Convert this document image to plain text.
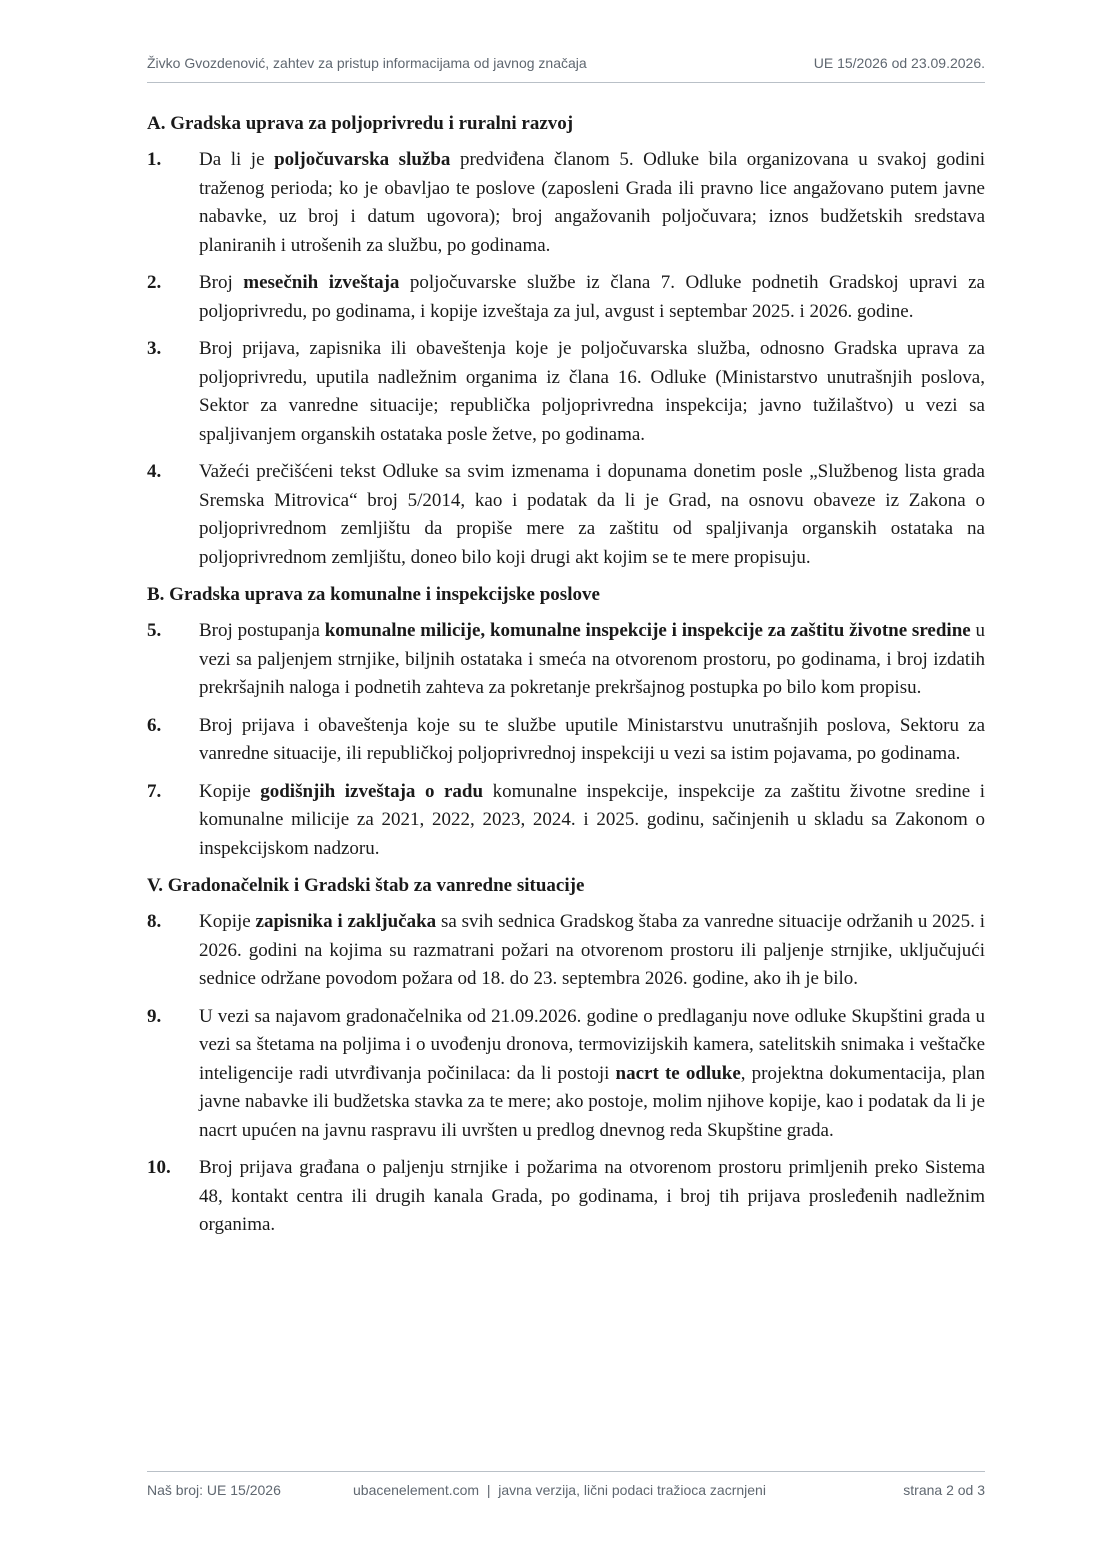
Živko Gvozdenović, zahtev za pristup informacijama od javnog značaja	UE 15/2026 od 23.09.2026.
A. Gradska uprava za poljoprivredu i ruralni razvoj
1. Da li je poljočuvarska služba predviđena članom 5. Odluke bila organizovana u svakoj godini traženog perioda; ko je obavljao te poslove (zaposleni Grada ili pravno lice angažovano putem javne nabavke, uz broj i datum ugovora); broj angažovanih poljočuvara; iznos budžetskih sredstava planiranih i utrošenih za službu, po godinama.
2. Broj mesečnih izveštaja poljočuvarske službe iz člana 7. Odluke podnetih Gradskoj upravi za poljoprivredu, po godinama, i kopije izveštaja za jul, avgust i septembar 2025. i 2026. godine.
3. Broj prijava, zapisnika ili obaveštenja koje je poljočuvarska služba, odnosno Gradska uprava za poljoprivredu, uputila nadležnim organima iz člana 16. Odluke (Ministarstvo unutrašnjih poslova, Sektor za vanredne situacije; republička poljoprivredna inspekcija; javno tužilaštvo) u vezi sa spaljivanjem organskih ostataka posle žetve, po godinama.
4. Važeći prečišćeni tekst Odluke sa svim izmenama i dopunama donetim posle „Službenog lista grada Sremska Mitrovica“ broj 5/2014, kao i podatak da li je Grad, na osnovu obaveze iz Zakona o poljoprivrednom zemljištu da propiše mere za zaštitu od spaljivanja organskih ostataka na poljoprivrednom zemljištu, doneo bilo koji drugi akt kojim se te mere propisuju.
B. Gradska uprava za komunalne i inspekcijske poslove
5. Broj postupanja komunalne milicije, komunalne inspekcije i inspekcije za zaštitu životne sredine u vezi sa paljenjem strnjike, biljnih ostataka i smeća na otvorenom prostoru, po godinama, i broj izdatih prekršajnih naloga i podnetih zahteva za pokretanje prekršajnog postupka po bilo kom propisu.
6. Broj prijava i obaveštenja koje su te službe uputile Ministarstvu unutrašnjih poslova, Sektoru za vanredne situacije, ili republičkoj poljoprivrednoj inspekciji u vezi sa istim pojavama, po godinama.
7. Kopije godišnjih izveštaja o radu komunalne inspekcije, inspekcije za zaštitu životne sredine i komunalne milicije za 2021, 2022, 2023, 2024. i 2025. godinu, sačinjenih u skladu sa Zakonom o inspekcijskom nadzoru.
V. Gradonačelnik i Gradski štab za vanredne situacije
8. Kopije zapisnika i zaključaka sa svih sednica Gradskog štaba za vanredne situacije održanih u 2025. i 2026. godini na kojima su razmatrani požari na otvorenom prostoru ili paljenje strnjike, uključujući sednice održane povodom požara od 18. do 23. septembra 2026. godine, ako ih je bilo.
9. U vezi sa najavom gradonačelnika od 21.09.2026. godine o predlaganju nove odluke Skupštini grada u vezi sa štetama na poljima i o uvođenju dronova, termovizijskih kamera, satelitskih snimaka i veštačke inteligencije radi utvrđivanja počinilaca: da li postoji nacrt te odluke, projektna dokumentacija, plan javne nabavke ili budžetska stavka za te mere; ako postoje, molim njihove kopije, kao i podatak da li je nacrt upućen na javnu raspravu ili uvršten u predlog dnevnog reda Skupštine grada.
10. Broj prijava građana o paljenju strnjike i požarima na otvorenom prostoru primljenih preko Sistema 48, kontakt centra ili drugih kanala Grada, po godinama, i broj tih prijava prosleđenih nadležnim organima.
Naš broj: UE 15/2026	ubacenelement.com  |  javna verzija, lični podaci tražioca zacrnjeni	strana 2 od 3
